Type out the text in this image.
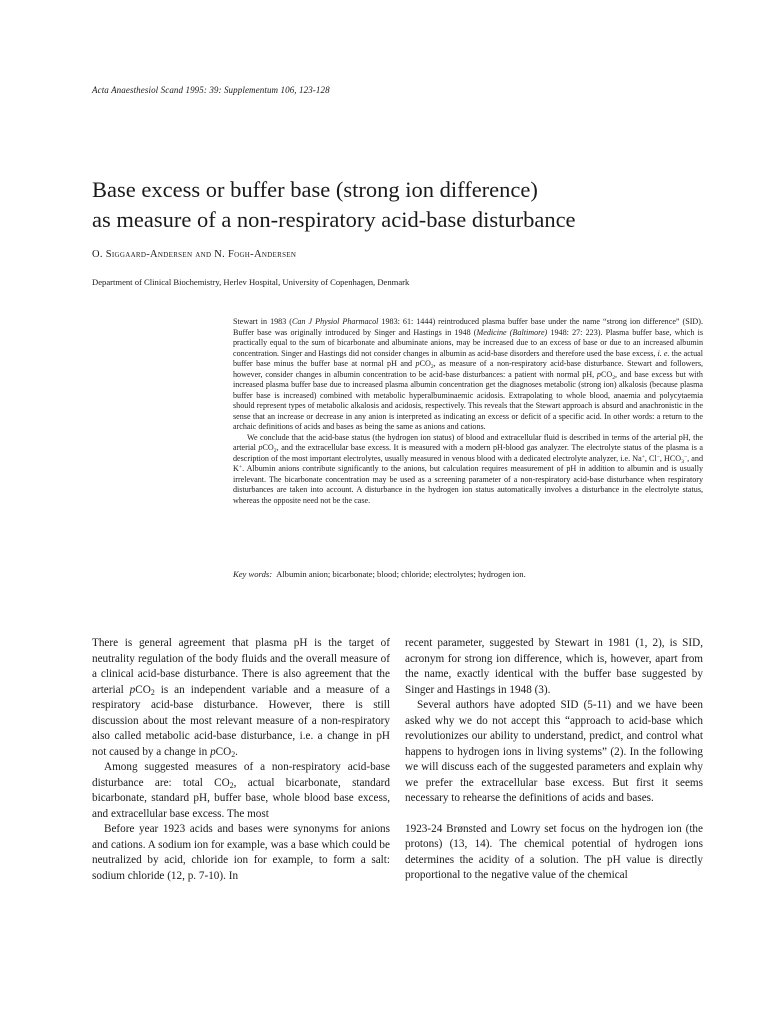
Acta Anaesthesiol Scand 1995: 39: Supplementum 106, 123-128
Base excess or buffer base (strong ion difference)
as measure of a non-respiratory acid-base disturbance
O. Siggaard-Andersen and N. Fogh-Andersen
Department of Clinical Biochemistry, Herlev Hospital, University of Copenhagen, Denmark

Stewart in 1983 (Can J Physiol Pharmacol 1983: 61: 1444) reintroduced plasma buffer base under the name “strong ion difference” (SID). Buffer base was originally introduced by Singer and Hastings in 1948 (Medicine (Baltimore) 1948: 27: 223). Plasma buffer base, which is practically equal to the sum of bicarbonate and albuminate anions, may be increased due to an excess of base or due to an increased albumin concentration. Singer and Hastings did not consider changes in albumin as acid-base disorders and therefore used the base excess, i. e. the actual buffer base minus the buffer base at normal pH and pCO$_2$, as measure of a non-respiratory acid-base disturbance. Stewart and followers, however, consider changes in albumin concentration to be acid-base disturbances: a patient with normal pH, pCO$_2$, and base excess but with increased plasma buffer base due to increased plasma albumin concentration get the diagnoses metabolic (strong ion) alkalosis (because plasma buffer base is increased) combined with metabolic hyperalbuminaemic acidosis. Extrapolating to whole blood, anaemia and polycytaemia should represent types of metabolic alkalosis and acidosis, respectively. This reveals that the Stewart approach is absurd and anachronistic in the sense that an increase or decrease in any anion is interpreted as indicating an excess or deficit of a specific acid. In other words: a return to the archaic definitions of acids and bases as being the same as anions and cations.

We conclude that the acid-base status (the hydrogen ion status) of blood and extracellular fluid is described in terms of the arterial pH, the arterial pCO$_2$, and the extracellular base excess. It is measured with a modern pH-blood gas analyzer. The electrolyte status of the plasma is a description of the most important electrolytes, usually measured in venous blood with a dedicated electrolyte analyzer, i.e. Na+, Cl−, $HCO_3^-$, and K+. Albumin anions contribute significantly to the anions, but calculation requires measurement of pH in addition to albumin and is usually irrelevant. The bicarbonate concentration may be used as a screening parameter of a non-respiratory acid-base disturbance when respiratory disturbances are taken into account. A disturbance in the hydrogen ion status automatically involves a disturbance in the electrolyte status, whereas the opposite need not be the case.

Key words: Albumin anion; bicarbonate; blood; chloride; electrolytes; hydrogen ion.

There is general agreement that plasma pH is the target of neutrality regulation of the body fluids and the overall measure of a clinical acid-base disturbance. There is also agreement that the arterial pCO$_2$ is an independent variable and a measure of a respiratory acid-base disturbance. However, there is still discussion about the most relevant measure of a non-respiratory also called metabolic acid-base disturbance, i.e. a change in pH not caused by a change in pCO$_2$.

Among suggested measures of a non-respiratory acid-base disturbance are: total $CO_2$, actual bicarbonate, standard bicarbonate, standard pH, buffer base, whole blood base excess, and extracellular base excess. The most

Before year 1923 acids and bases were synonyms for anions and cations. A sodium ion for example, was a base which could be neutralized by acid, chloride ion for example, to form a salt: sodium chloride (12, p. 7-10). In

recent parameter, suggested by Stewart in 1981 (1, 2), is SID, acronym for strong ion difference, which is, however, apart from the name, exactly identical with the buffer base suggested by Singer and Hastings in 1948 (3).

Several authors have adopted SID (5-11) and we have been asked why we do not accept this “approach to acid-base which revolutionizes our ability to understand, predict, and control what happens to hydrogen ions in living systems” (2). In the following we will discuss each of the suggested parameters and explain why we prefer the extracellular base excess. But first it seems necessary to rehearse the definitions of acids and bases.

1923-24 Brønsted and Lowry set focus on the hydrogen ion (the protons) (13, 14). The chemical potential of hydrogen ions determines the acidity of a solution. The pH value is directly proportional to the negative value of the chemical
